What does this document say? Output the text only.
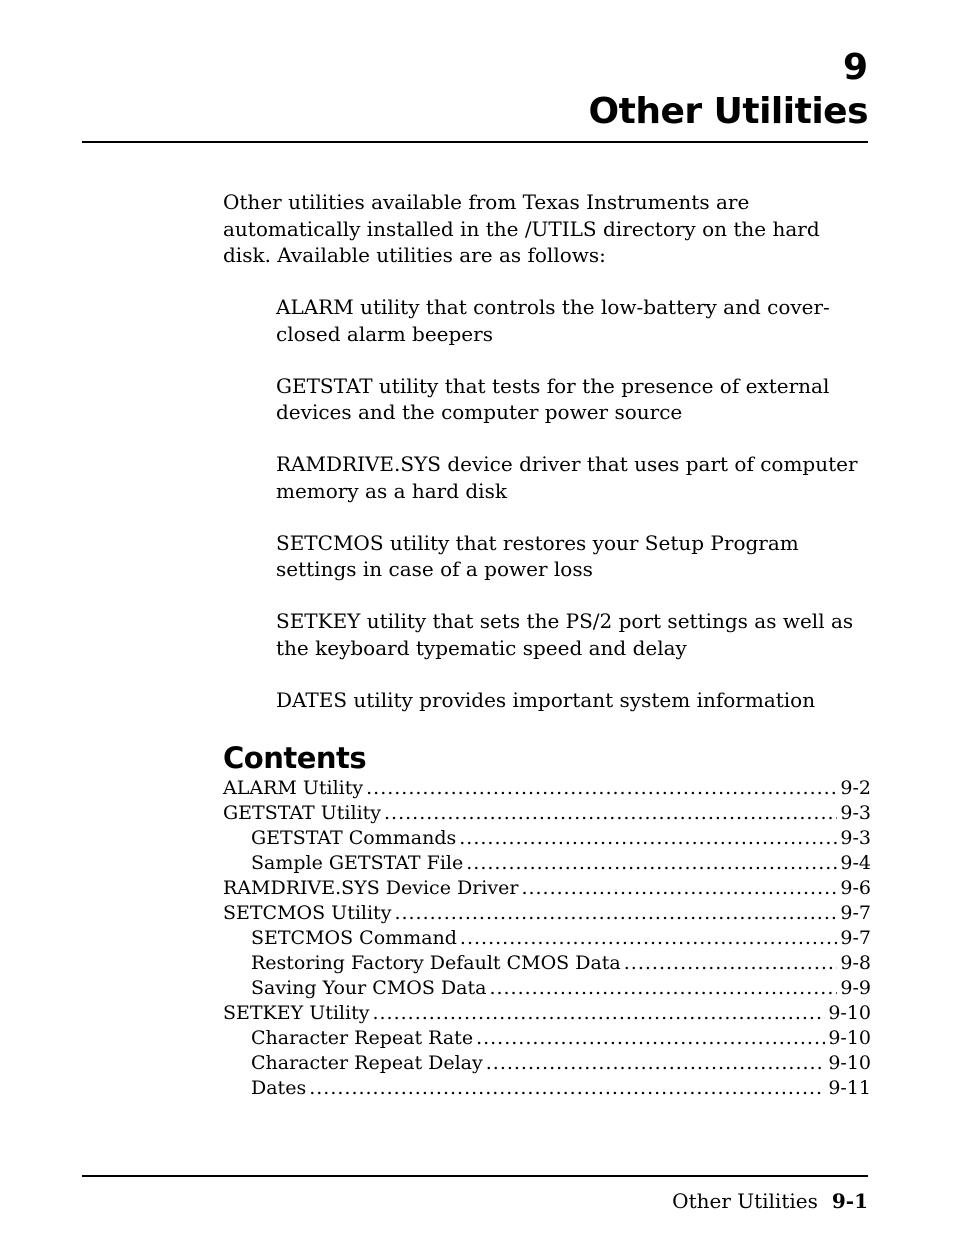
9
Other Utilities

Other utilities available from Texas Instruments are automatically installed in the /UTILS directory on the hard disk. Available utilities are as follows:

ALARM utility that controls the low-battery and cover-closed alarm beepers
GETSTAT utility that tests for the presence of external devices and the computer power source
RAMDRIVE.SYS device driver that uses part of computer memory as a hard disk
SETCMOS utility that restores your Setup Program settings in case of a power loss
SETKEY utility that sets the PS/2 port settings as well as the keyboard typematic speed and delay
DATES utility provides important system information
Contents
ALARM Utility .....	9-2
GETSTAT Utility .....	9-3
GETSTAT Commands .....	9-3
Sample GETSTAT File .....	9-4
RAMDRIVE.SYS Device Driver .....	9-6
SETCMOS Utility .....	9-7
SETCMOS Command .....	9-7
Restoring Factory Default CMOS Data .....	9-8
Saving Your CMOS Data .....	9-9
SETKEY Utility .....	9-10
Character Repeat Rate .....	9-10
Character Repeat Delay .....	9-10
Dates .....	9-11
Other Utilities 9-1
